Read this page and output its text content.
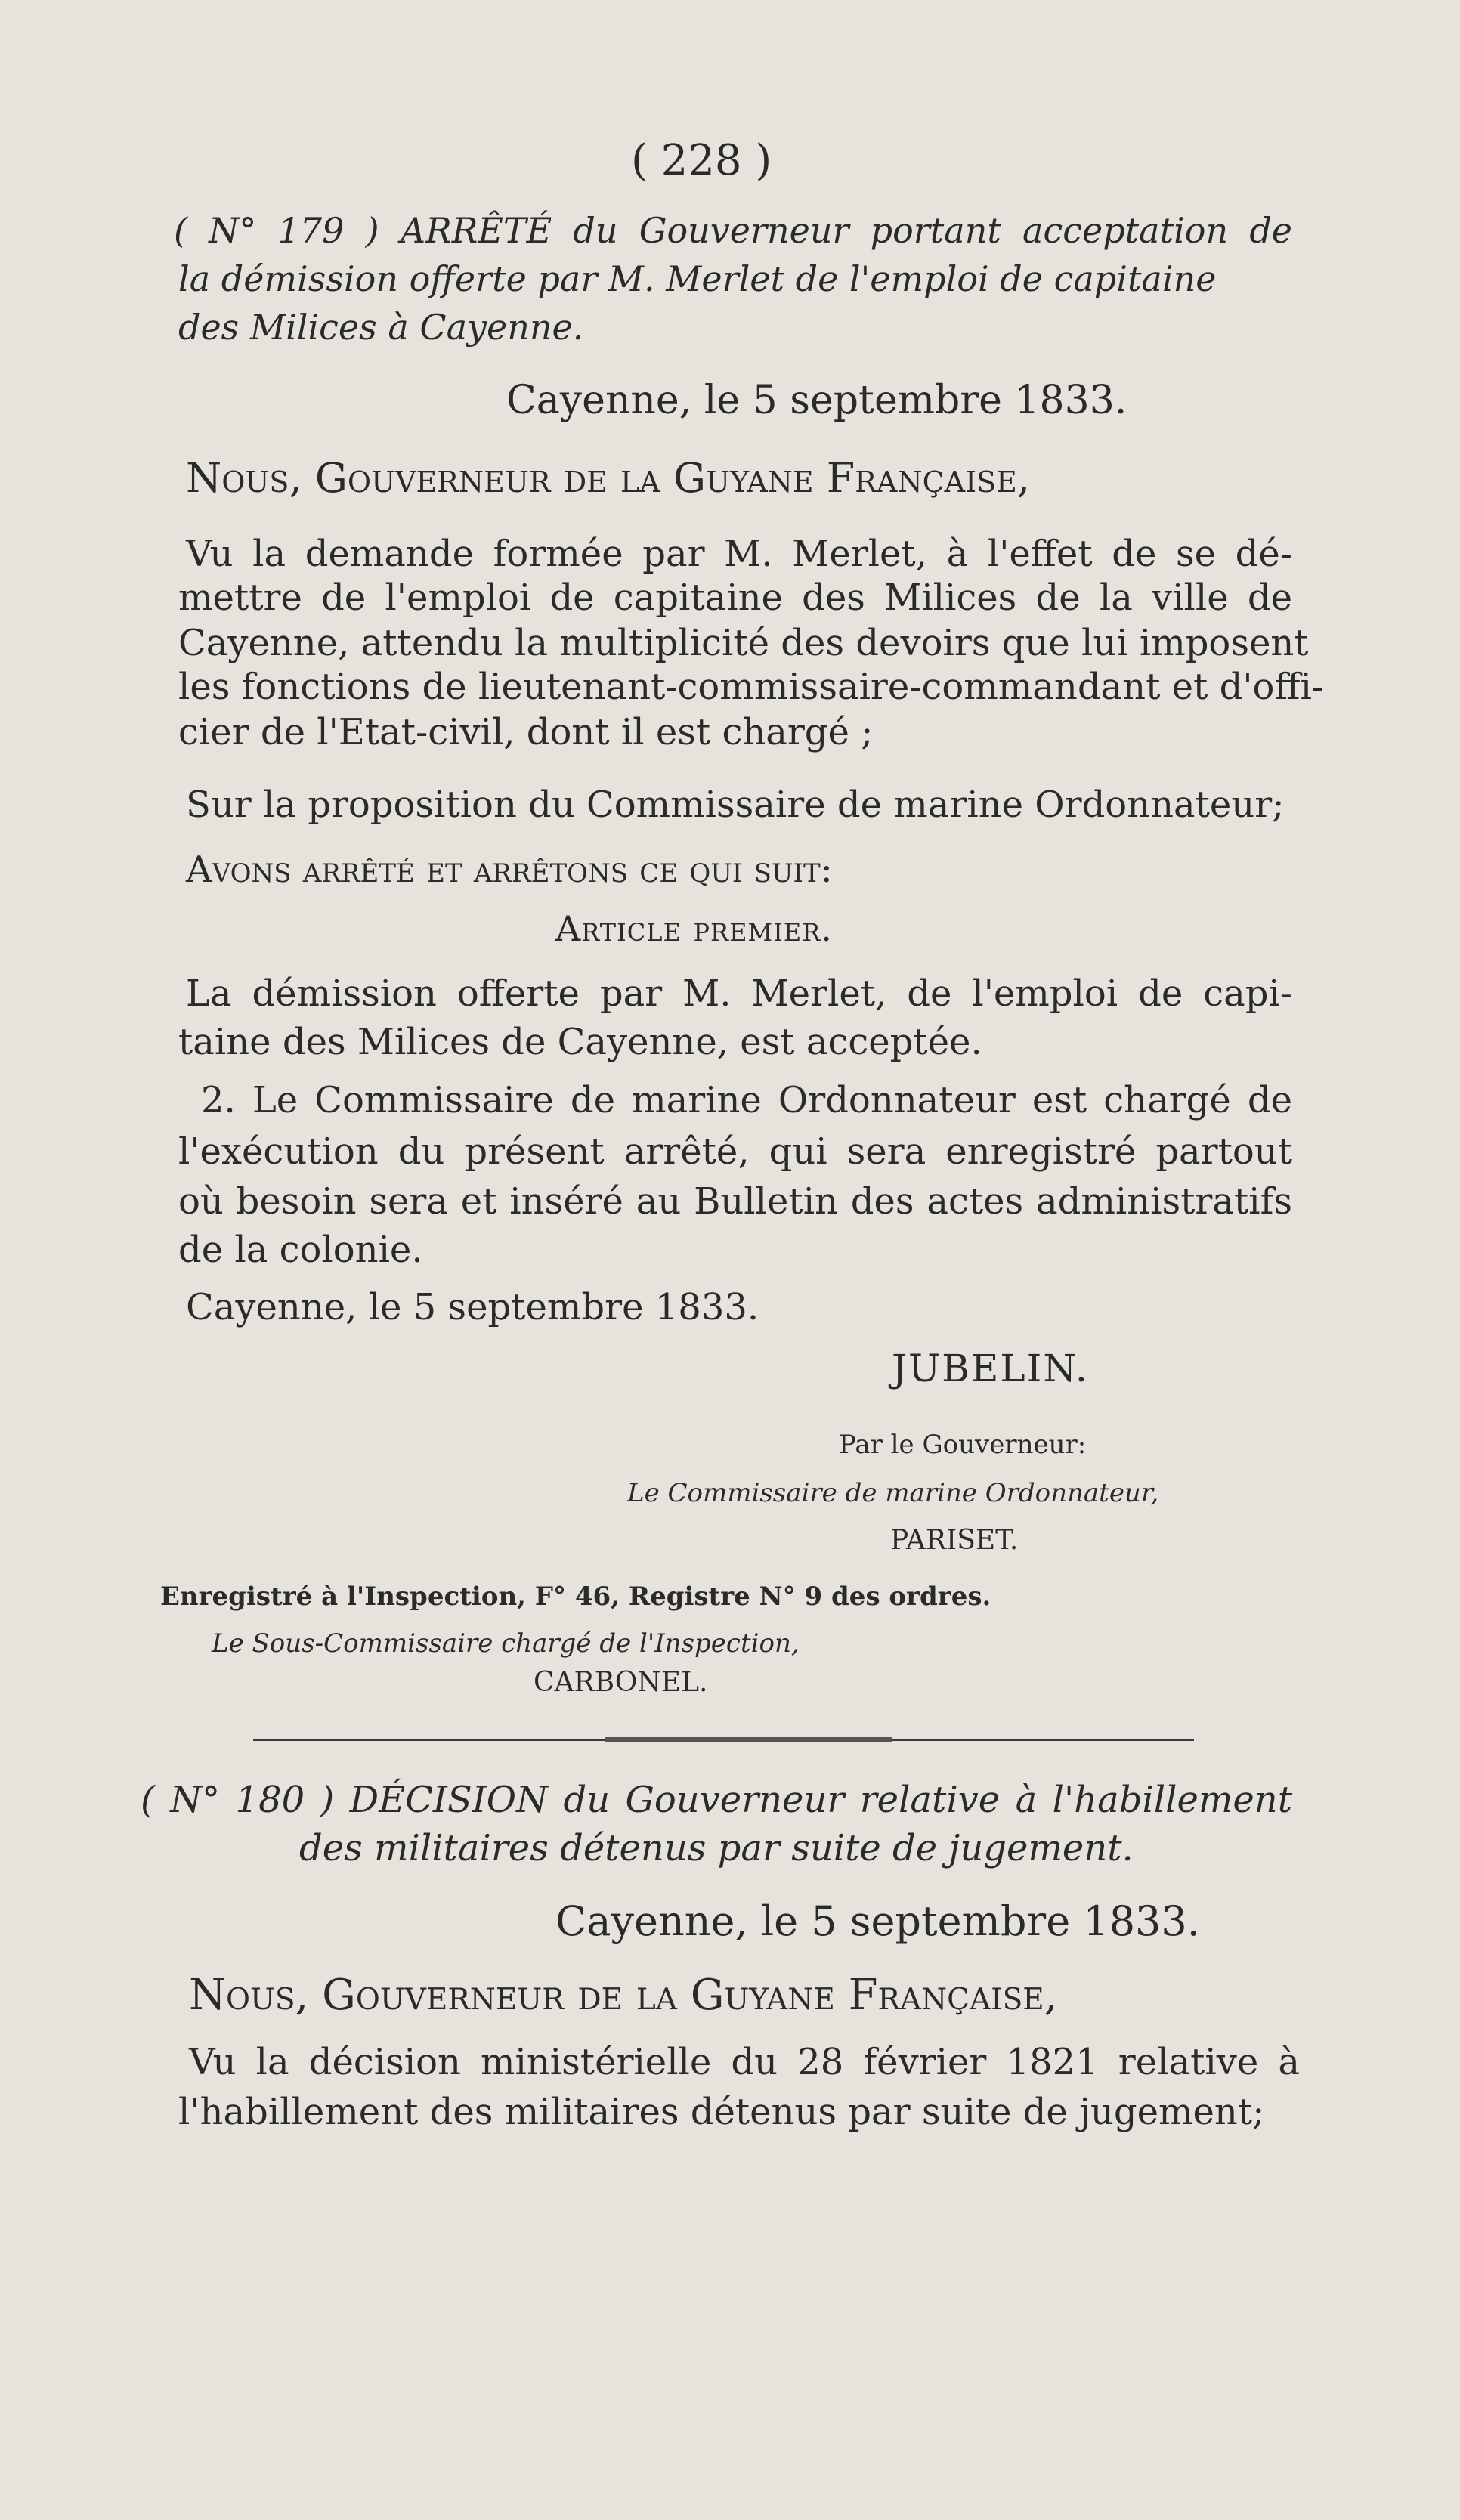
( 228 )
( N° 179 ) ARRÊTÉ du Gouverneur portant acceptation de
la démission offerte par M. Merlet de l'emploi de capitaine
des Milices à Cayenne.
Cayenne, le 5 septembre 1833.
Nous, Gouverneur de la Guyane Française,
Vu la demande formée par M. Merlet, à l'effet de se dé-
mettre de l'emploi de capitaine des Milices de la ville de
Cayenne, attendu la multiplicité des devoirs que lui imposent
les fonctions de lieutenant-commissaire-commandant et d'offi-
cier de l'Etat-civil, dont il est chargé ;
Sur la proposition du Commissaire de marine Ordonnateur;
Avons arrêté et arrêtons ce qui suit:
Article premier.
La démission offerte par M. Merlet, de l'emploi de capi-
taine des Milices de Cayenne, est acceptée.
2. Le Commissaire de marine Ordonnateur est chargé de
l'exécution du présent arrêté, qui sera enregistré partout
où besoin sera et inséré au Bulletin des actes administratifs
de la colonie.
Cayenne, le 5 septembre 1833.
JUBELIN.
Par le Gouverneur:
Le Commissaire de marine Ordonnateur,
PARISET.
Enregistré à l'Inspection, F° 46, Registre N° 9 des ordres.
Le Sous-Commissaire chargé de l'Inspection,
CARBONEL.
( N° 180 ) DÉCISION du Gouverneur relative à l'habillement
des militaires détenus par suite de jugement.
Cayenne, le 5 septembre 1833.
Nous, Gouverneur de la Guyane Française,
Vu la décision ministérielle du 28 février 1821 relative à
l'habillement des militaires détenus par suite de jugement;
